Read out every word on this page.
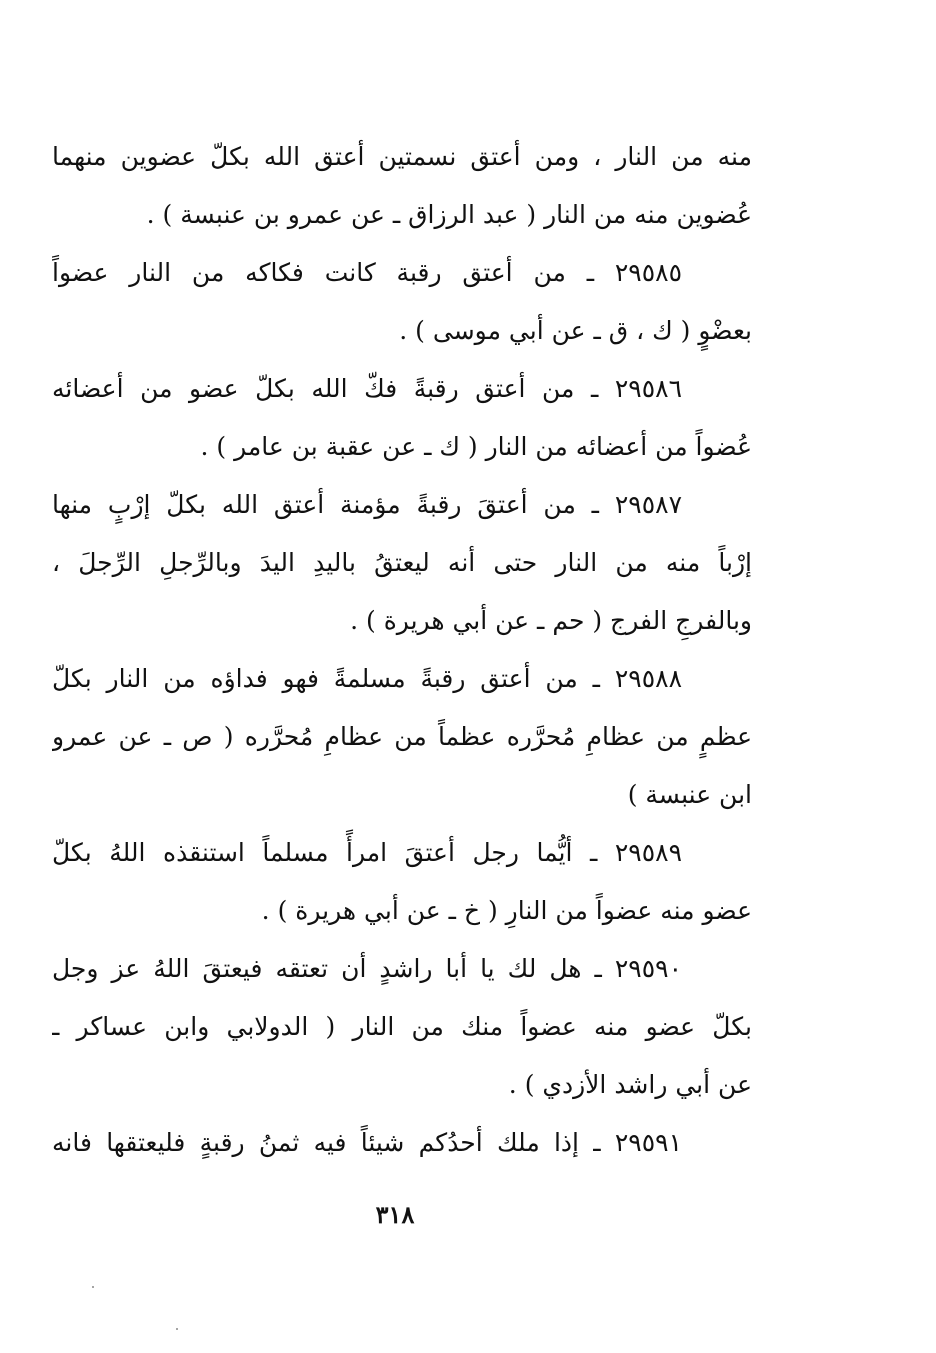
منه من النار ، ومن أعتق نسمتين أعتق الله بكلّ عضوين منهما
عُضوين منه من النار ( عبد الرزاق ـ عن عمرو بن عنبسة ) .
٢٩٥٨٥ ـ من أعتق رقبة كانت فكاكه من النار عضواً
بعضْوٍ ( ك ، ق ـ عن أبي موسى ) .
٢٩٥٨٦ ـ من أعتق رقبةً فكّ الله بكلّ عضو من أعضائه
عُضواً من أعضائه من النار ( ك ـ عن عقبة بن عامر ) .
٢٩٥٨٧ ـ من أعتقَ رقبةً مؤمنة أعتق الله بكلّ إرْبٍ منها
إرْباً منه من النار حتى أنه ليعتقُ باليدِ اليدَ وبالرِّجلِ الرِّجلَ ،
وبالفرجِ الفرج ( حم ـ عن أبي هريرة ) .
٢٩٥٨٨ ـ من أعتق رقبةً مسلمةً فهو فداؤه من النار بكلّ
عظمٍ من عظامِ مُحرَّره عظماً من عظامِ مُحرَّره ( ص ـ عن عمرو
ابن عنبسة )
٢٩٥٨٩ ـ أيُّما رجل أعتقَ امرأً مسلماً استنقذه اللهُ بكلّ
عضو منه عضواً من النارِ ( خ ـ عن أبي هريرة ) .
٢٩٥٩٠ ـ هل لك يا أبا راشدٍ أن تعتقه فيعتقَ اللهُ عز وجل
بكلّ عضو منه عضواً منك من النار ( الدولابي وابن عساكر ـ
عن أبي راشد الأزدي ) .
٢٩٥٩١ ـ إذا ملك أحدُكم شيئاً فيه ثمنُ رقبةٍ فليعتقها فانه
٣١٨
